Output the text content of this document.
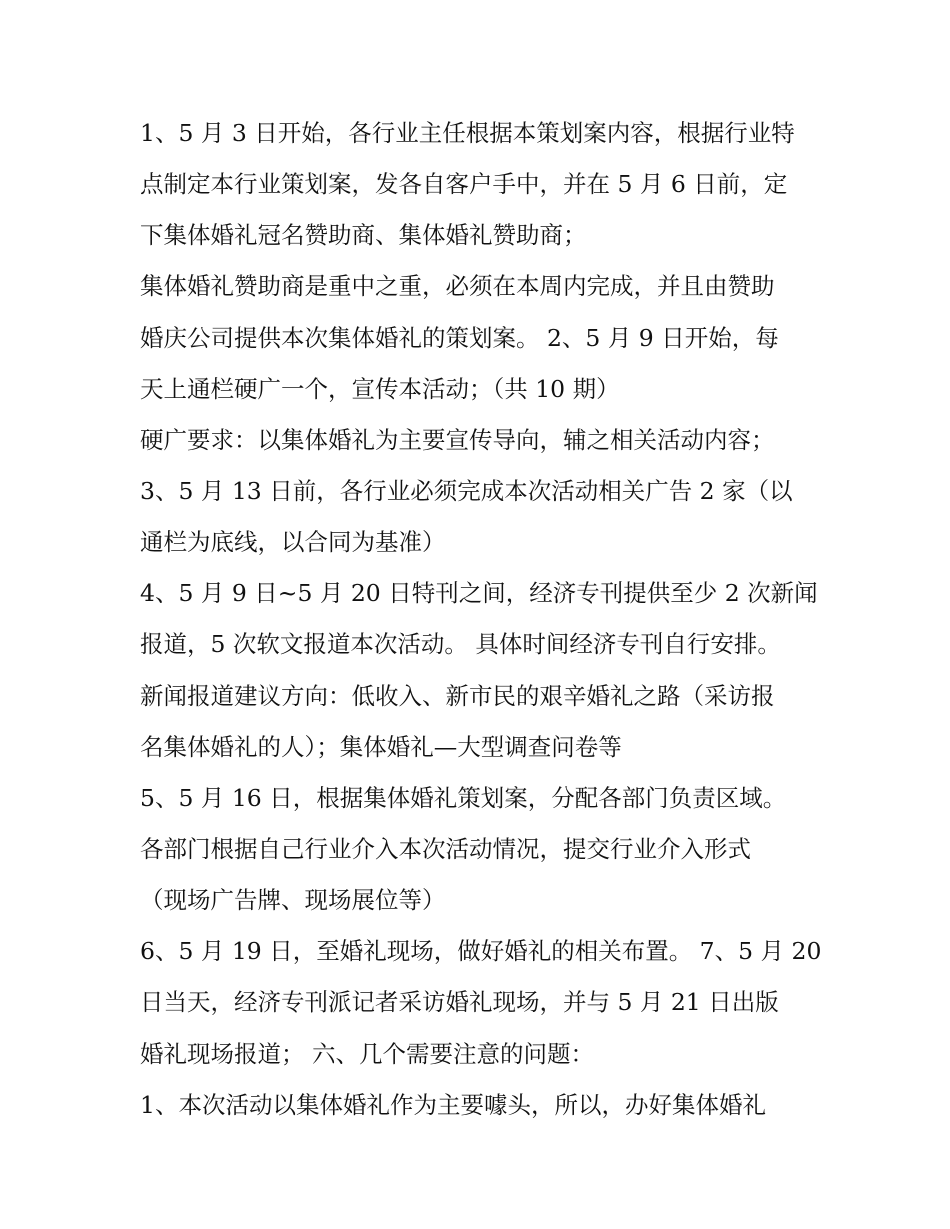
1、5 月 3 日开始，各行业主任根据本策划案内容，根据行业特
点制定本行业策划案，发各自客户手中，并在 5 月 6 日前，定
下集体婚礼冠名赞助商、集体婚礼赞助商；
集体婚礼赞助商是重中之重，必须在本周内完成，并且由赞助
婚庆公司提供本次集体婚礼的策划案。 2、5 月 9 日开始，每
天上通栏硬广一个，宣传本活动；（共 10 期）
硬广要求：以集体婚礼为主要宣传导向，辅之相关活动内容；
3、5 月 13 日前，各行业必须完成本次活动相关广告 2 家（以
通栏为底线，以合同为基准）
4、5 月 9 日~5 月 20 日特刊之间，经济专刊提供至少 2 次新闻
报道，5 次软文报道本次活动。 具体时间经济专刊自行安排。
新闻报道建议方向：低收入、新市民的艰辛婚礼之路（采访报
名集体婚礼的人）；集体婚礼—大型调查问卷等
5、5 月 16 日，根据集体婚礼策划案，分配各部门负责区域。
各部门根据自己行业介入本次活动情况，提交行业介入形式
（现场广告牌、现场展位等）
6、5 月 19 日，至婚礼现场，做好婚礼的相关布置。 7、5 月 20
日当天，经济专刊派记者采访婚礼现场，并与 5 月 21 日出版
婚礼现场报道； 六、几个需要注意的问题：
1、本次活动以集体婚礼作为主要噱头，所以，办好集体婚礼
